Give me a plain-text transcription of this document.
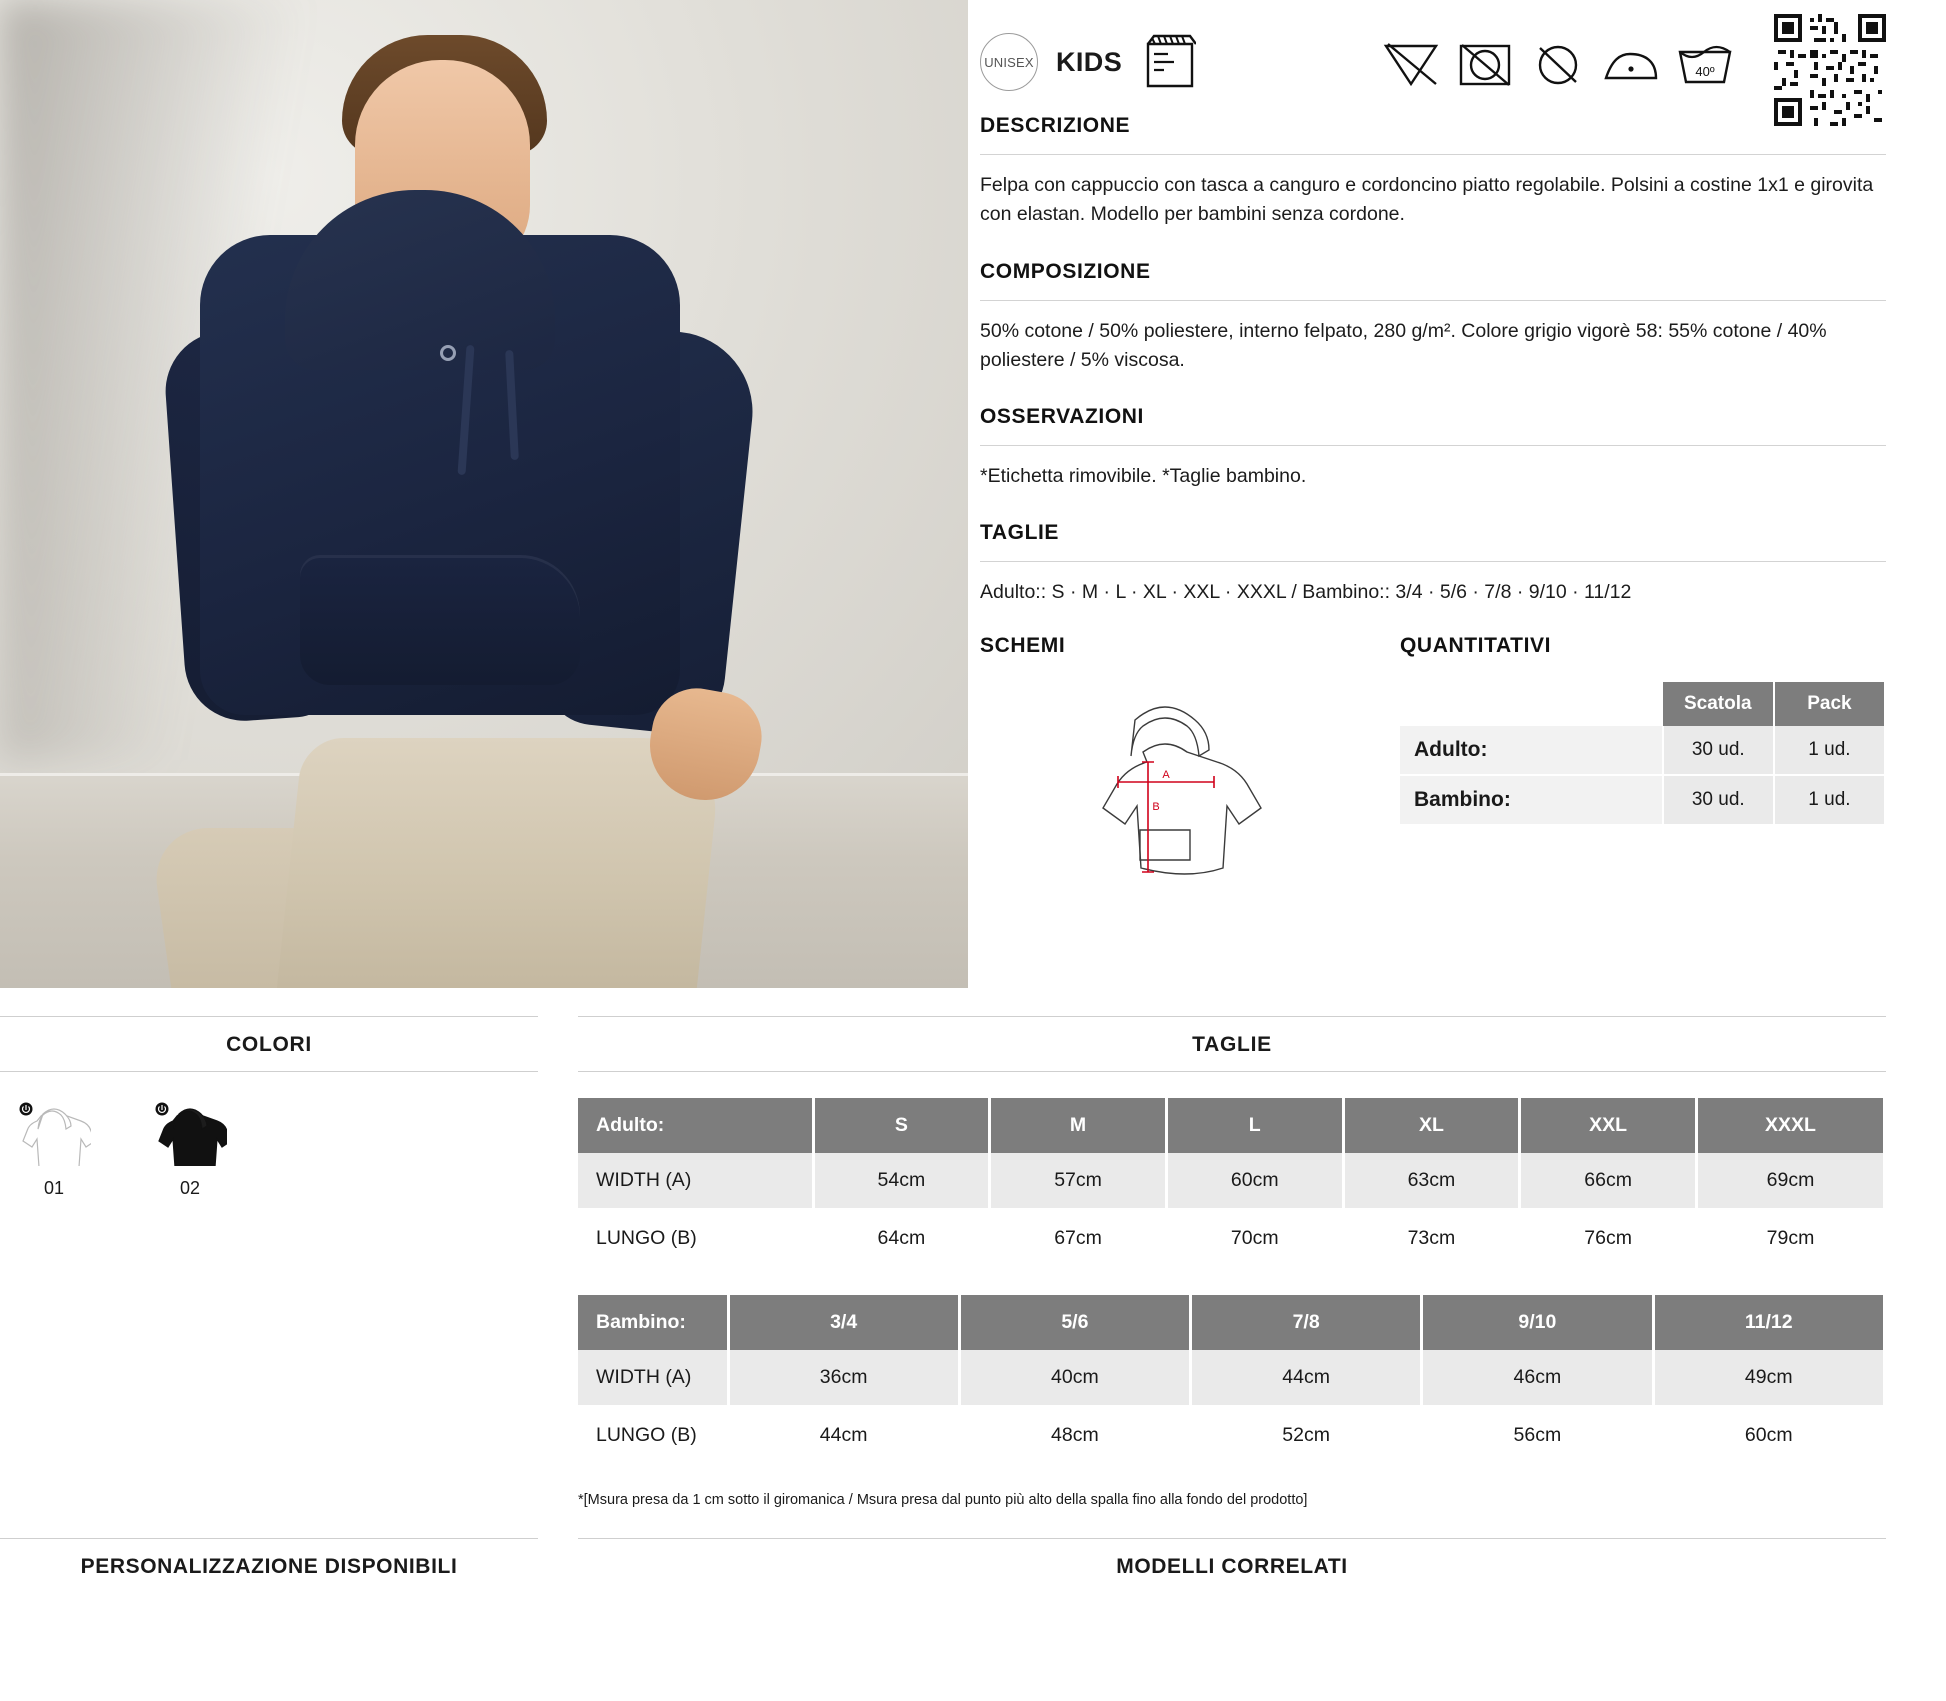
UNISEX KIDS	40º
DESCRIZIONE
Felpa con cappuccio con tasca a canguro e cordoncino piatto regolabile. Polsini a costine 1x1 e girovita con elastan. Modello per bambini senza cordone.
COMPOSIZIONE
50% cotone / 50% poliestere, interno felpato, 280 g/m². Colore grigio vigorè 58: 55% cotone / 40% poliestere / 5% viscosa.
OSSERVAZIONI
*Etichetta rimovibile. *Taglie bambino.
TAGLIE
Adulto:: S · M · L · XL · XXL · XXXL / Bambino:: 3/4 · 5/6 · 7/8 · 9/10 · 11/12
SCHEMI
A
B
QUANTITATIVI
	Scatola	Pack
Adulto:	30 ud.	1 ud.
Bambino:	30 ud.	1 ud.
COLORI
01	02
TAGLIE
Adulto:	S	M	L	XL	XXL	XXXL
WIDTH (A)	54cm	57cm	60cm	63cm	66cm	69cm
LUNGO (B)	64cm	67cm	70cm	73cm	76cm	79cm
Bambino:	3/4	5/6	7/8	9/10	11/12
WIDTH (A)	36cm	40cm	44cm	46cm	49cm
LUNGO (B)	44cm	48cm	52cm	56cm	60cm
*[Msura presa da 1 cm sotto il giromanica / Msura presa dal punto più alto della spalla fino alla fondo del prodotto]
PERSONALIZZAZIONE DISPONIBILI	MODELLI CORRELATI
